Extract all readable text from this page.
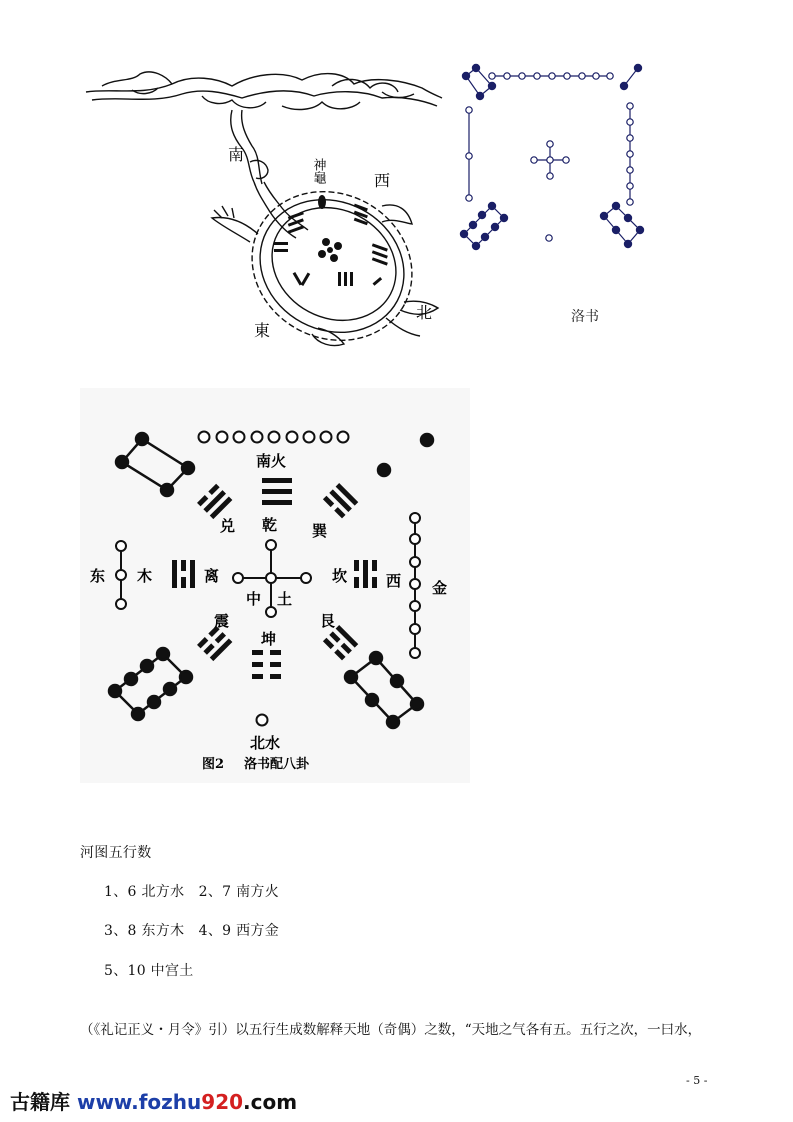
南
西
東
北
神龜
洛书
南火
乾
兑	巽
东 木	离	坎	西 金
中 土
震	艮
坤
北水
图2 洛书配八卦
河图五行数
1、6 北方水　2、7 南方火
3、8 东方木　4、9 西方金
5、10 中宫土
（《礼记正义・月令》引）以五行生成数解释天地（奇偶）之数，“天地之气各有五。五行之次，一曰水，
- 5 -
古籍库 www.fozhu920.com
